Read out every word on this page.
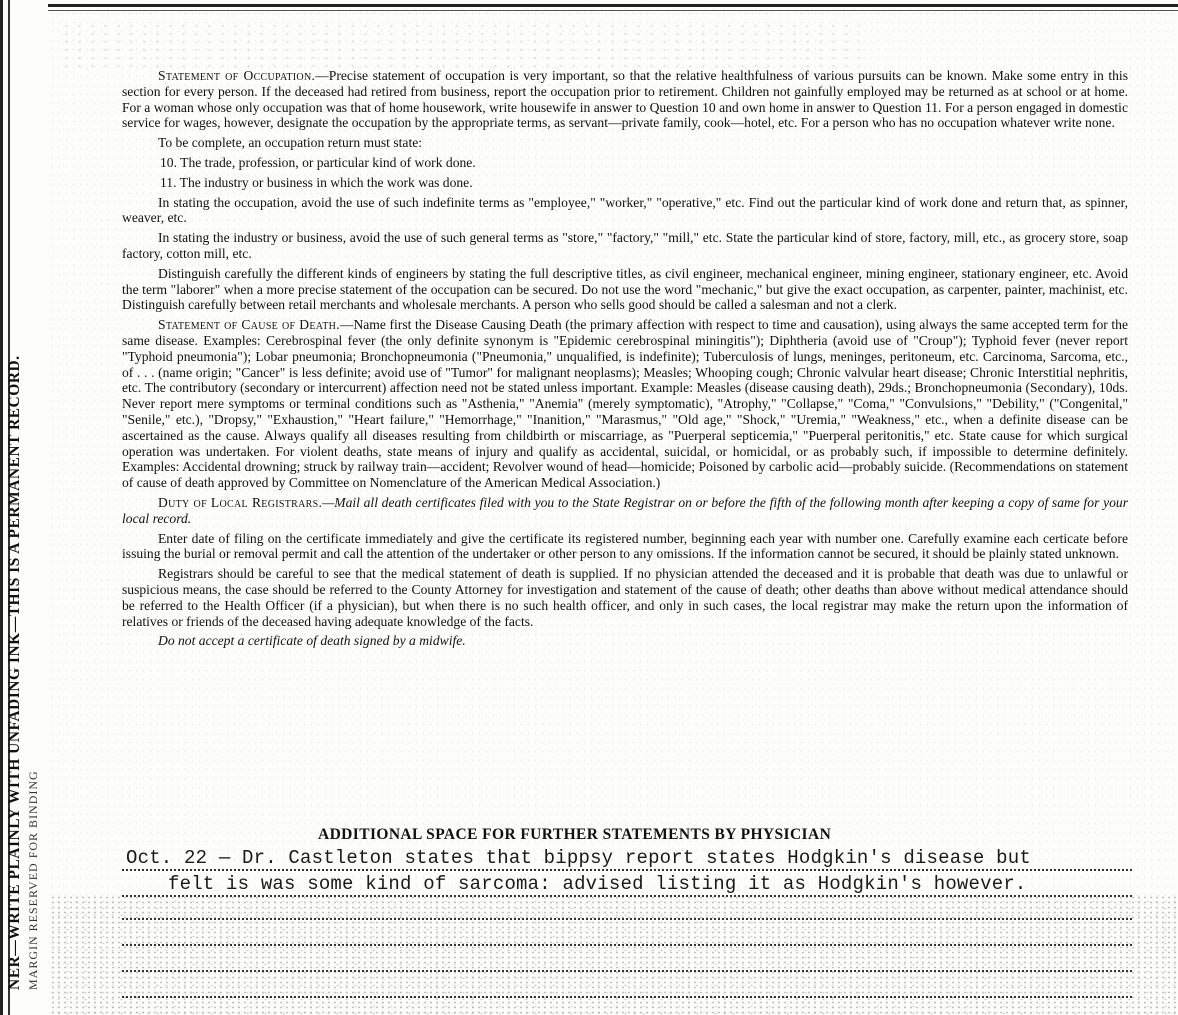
MARGIN RESERVED FOR BINDING
NER—WRITE PLAINLY WITH UNFADING INK—THIS IS A PERMANENT RECORD.

Statement of Occupation.—Precise statement of occupation is very important, so that the relative healthfulness of various pursuits can be known. Make some entry in this section for every person. If the deceased had retired from business, report the occupation prior to retirement. Children not gainfully employed may be returned as at school or at home. For a woman whose only occupation was that of home housework, write housewife in answer to Question 10 and own home in answer to Question 11. For a person engaged in domestic service for wages, however, designate the occupation by the appropriate terms, as servant—private family, cook—hotel, etc. For a person who has no occupation whatever write none.

To be complete, an occupation return must state:

10. The trade, profession, or particular kind of work done.

11. The industry or business in which the work was done.

In stating the occupation, avoid the use of such indefinite terms as "employee," "worker," "operative," etc. Find out the particular kind of work done and return that, as spinner, weaver, etc.

In stating the industry or business, avoid the use of such general terms as "store," "factory," "mill," etc. State the particular kind of store, factory, mill, etc., as grocery store, soap factory, cotton mill, etc.

Distinguish carefully the different kinds of engineers by stating the full descriptive titles, as civil engineer, mechanical engineer, mining engineer, stationary engineer, etc. Avoid the term "laborer" when a more precise statement of the occupation can be secured. Do not use the word "mechanic," but give the exact occupation, as carpenter, painter, machinist, etc. Distinguish carefully between retail merchants and wholesale merchants. A person who sells good should be called a salesman and not a clerk.

Statement of Cause of Death.—Name first the Disease Causing Death (the primary affection with respect to time and causation), using always the same accepted term for the same disease. Examples: Cerebrospinal fever (the only definite synonym is "Epidemic cerebrospinal miningitis"); Diphtheria (avoid use of "Croup"); Typhoid fever (never report "Typhoid pneumonia"); Lobar pneumonia; Bronchopneumonia ("Pneumonia," unqualified, is indefinite); Tuberculosis of lungs, meninges, peritoneum, etc. Carcinoma, Sarcoma, etc., of . . . (name origin; "Cancer" is less definite; avoid use of "Tumor" for malignant neoplasms); Measles; Whooping cough; Chronic valvular heart disease; Chronic Interstitial nephritis, etc. The contributory (secondary or intercurrent) affection need not be stated unless important. Example: Measles (disease causing death), 29ds.; Bronchopneumonia (Secondary), 10ds. Never report mere symptoms or terminal conditions such as "Asthenia," "Anemia" (merely symptomatic), "Atrophy," "Collapse," "Coma," "Convulsions," "Debility," ("Congenital," "Senile," etc.), "Dropsy," "Exhaustion," "Heart failure," "Hemorrhage," "Inanition," "Marasmus," "Old age," "Shock," "Uremia," "Weakness," etc., when a definite disease can be ascertained as the cause. Always qualify all diseases resulting from childbirth or miscarriage, as "Puerperal septicemia," "Puerperal peritonitis," etc. State cause for which surgical operation was undertaken. For violent deaths, state means of injury and qualify as accidental, suicidal, or homicidal, or as probably such, if impossible to determine definitely. Examples: Accidental drowning; struck by railway train—accident; Revolver wound of head—homicide; Poisoned by carbolic acid—probably suicide. (Recommendations on statement of cause of death approved by Committee on Nomenclature of the American Medical Association.)

Duty of Local Registrars.—Mail all death certificates filed with you to the State Registrar on or before the fifth of the following month after keeping a copy of same for your local record.

Enter date of filing on the certificate immediately and give the certificate its registered number, beginning each year with number one. Carefully examine each certicate before issuing the burial or removal permit and call the attention of the undertaker or other person to any omissions. If the information cannot be secured, it should be plainly stated unknown.

Registrars should be careful to see that the medical statement of death is supplied. If no physician attended the deceased and it is probable that death was due to unlawful or suspicious means, the case should be referred to the County Attorney for investigation and statement of the cause of death; other deaths than above without medical attendance should be referred to the Health Officer (if a physician), but when there is no such health officer, and only in such cases, the local registrar may make the return upon the information of relatives or friends of the deceased having adequate knowledge of the facts.

Do not accept a certificate of death signed by a midwife.

ADDITIONAL SPACE FOR FURTHER STATEMENTS BY PHYSICIAN
Oct. 22 — Dr. Castleton states that bippsy report states Hodgkin's disease but
felt is was some kind of sarcoma: advised listing it as Hodgkin's however.
